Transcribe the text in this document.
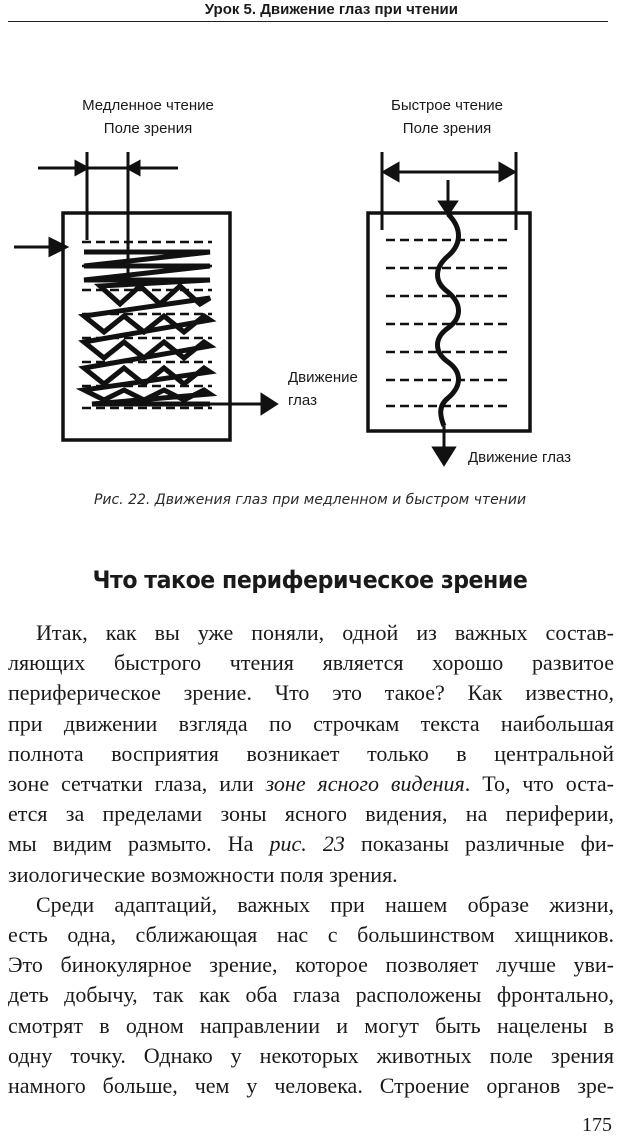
Урок 5. Движение глаз при чтении
Медленное чтение
Поле зрения
Движение
глаз
Быстрое чтение
Поле зрения
Движение глаз
Рис. 22. Движения глаз при медленном и быстром чтении
Что такое периферическое зрение

Итак, как вы уже поняли, одной из важных состав-

ляющих быстрого чтения является хорошо развитое

периферическое зрение. Что это такое? Как известно,

при движении взгляда по строчкам текста наибольшая

полнота восприятия возникает только в центральной

зоне сетчатки глаза, или зоне ясного видения. То, что оста-

ется за пределами зоны ясного видения, на периферии,

мы видим размыто. На рис. 23 показаны различные фи-

зиологические возможности поля зрения.

Среди адаптаций, важных при нашем образе жизни,

есть одна, сближающая нас с большинством хищников.

Это бинокулярное зрение, которое позволяет лучше уви-

деть добычу, так как оба глаза расположены фронтально,

смотрят в одном направлении и могут быть нацелены в

одну точку. Однако у некоторых животных поле зрения

намного больше, чем у человека. Строение органов зре-

175
